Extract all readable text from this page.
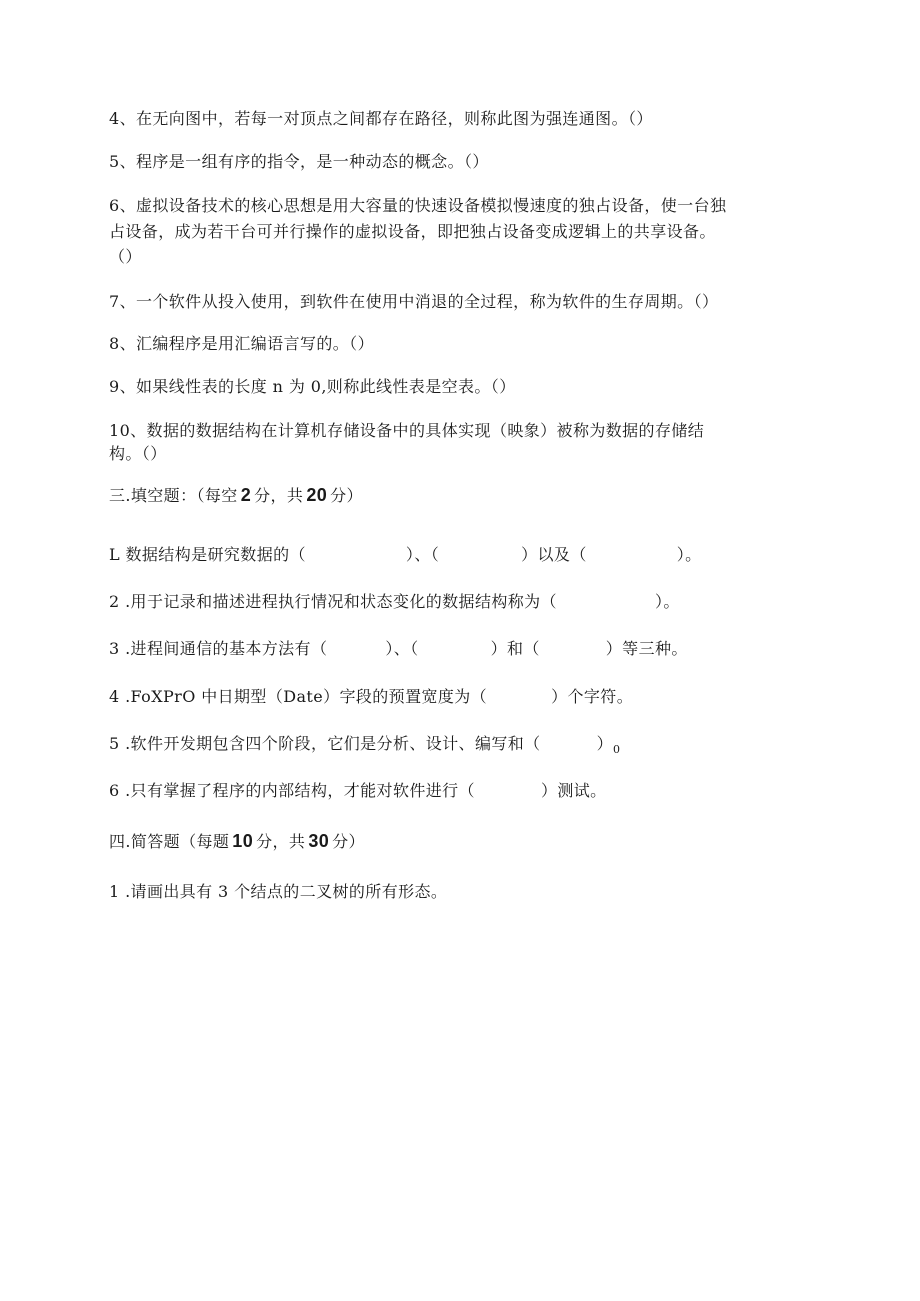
4、在无向图中，若每一对顶点之间都存在路径，则称此图为强连通图。（）
5、程序是一组有序的指令，是一种动态的概念。（）
6、虚拟设备技术的核心思想是用大容量的快速设备模拟慢速度的独占设备，使一台独
占设备，成为若干台可并行操作的虚拟设备，即把独占设备变成逻辑上的共享设备。
（）
7、一个软件从投入使用，到软件在使用中消退的全过程，称为软件的生存周期。（）
8、汇编程序是用汇编语言写的。（）
9、如果线性表的长度 n 为 0,则称此线性表是空表。（）
10、数据的数据结构在计算机存储设备中的具体实现（映象）被称为数据的存储结
构。（）
三.填空题：（每空 2 分，共 20 分）
L 数据结构是研究数据的（	）、（	）以及（	）。
2 .用于记录和描述进程执行情况和状态变化的数据结构称为（	）。
3 .进程间通信的基本方法有（	）、（	）和（	）等三种。
4 .FoXPrO 中日期型（Date）字段的预置宽度为（	）个字符。
5 .软件开发期包含四个阶段，它们是分析、设计、编写和（	）$_0$
6 .只有掌握了程序的内部结构，才能对软件进行（	）测试。
四.简答题（每题 10 分，共 30 分）
1 .请画出具有 3 个结点的二叉树的所有形态。
